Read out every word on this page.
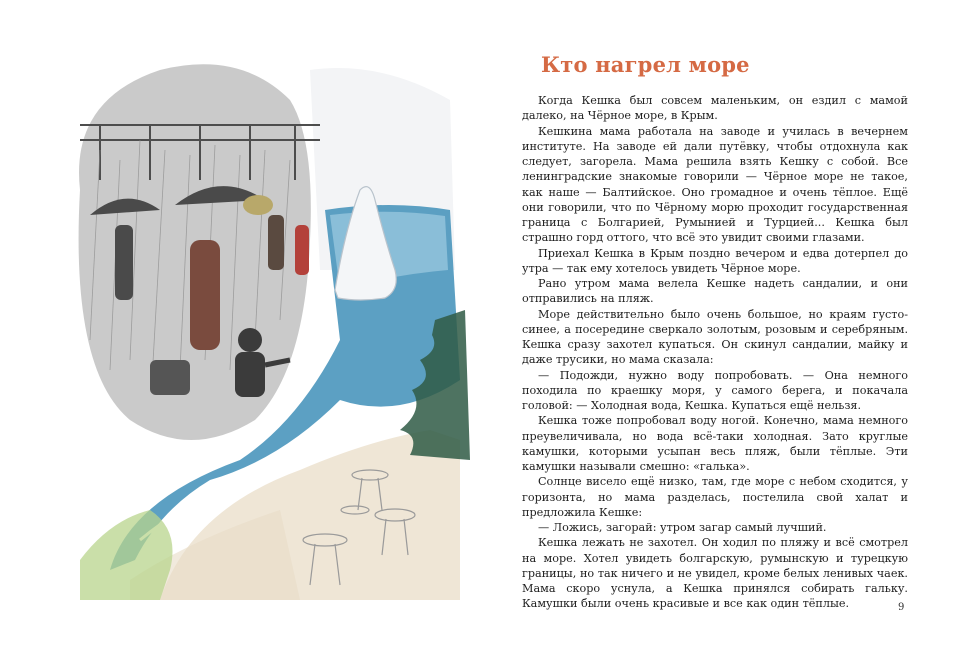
Кто нагрел море

Когда Кешка был совсем маленьким, он ездил с мамой далеко, на Чёрное море, в Крым.

Кешкина мама работала на заводе и училась в вечернем институте. На заводе ей дали путёвку, чтобы отдохнула как следует, загорела. Мама решила взять Кешку с собой. Все ленинградские знакомые говорили — Чёрное море не такое, как наше — Балтийское. Оно громадное и очень тёплое. Ещё они говорили, что по Чёрному морю проходит государственная граница с Болгарией, Румынией и Турцией... Кешка был страшно горд оттого, что всё это увидит своими глазами.

Приехал Кешка в Крым поздно вечером и едва дотерпел до утра — так ему хотелось увидеть Чёрное море.

Рано утром мама велела Кешке надеть сандалии, и они отправились на пляж.

Море действительно было очень большое, но краям густо-синее, а посередине сверкало золотым, розовым и серебряным. Кешка сразу захотел купаться. Он скинул сандалии, майку и даже трусики, но мама сказала:

— Подожди, нужно воду попробовать. — Она немного походила по краешку моря, у самого берега, и покачала головой: — Холодная вода, Кешка. Купаться ещё нельзя.

Кешка тоже попробовал воду ногой. Конечно, мама немного преувеличивала, но вода всё-таки холодная. Зато круглые камушки, которыми усыпан весь пляж, были тёплые. Эти камушки называли смешно: «галька».

Солнце висело ещё низко, там, где море с небом сходится, у горизонта, но мама разделась, постелила свой халат и предложила Кешке:

— Ложись, загорай: утром загар самый лучший.

Кешка лежать не захотел. Он ходил по пляжу и всё смотрел на море. Хотел увидеть болгарскую, румынскую и турецкую границы, но так ничего и не увидел, кроме белых ленивых чаек. Мама скоро уснула, а Кешка принялся собирать гальку. Камушки были очень красивые и все как один тёплые.	9
